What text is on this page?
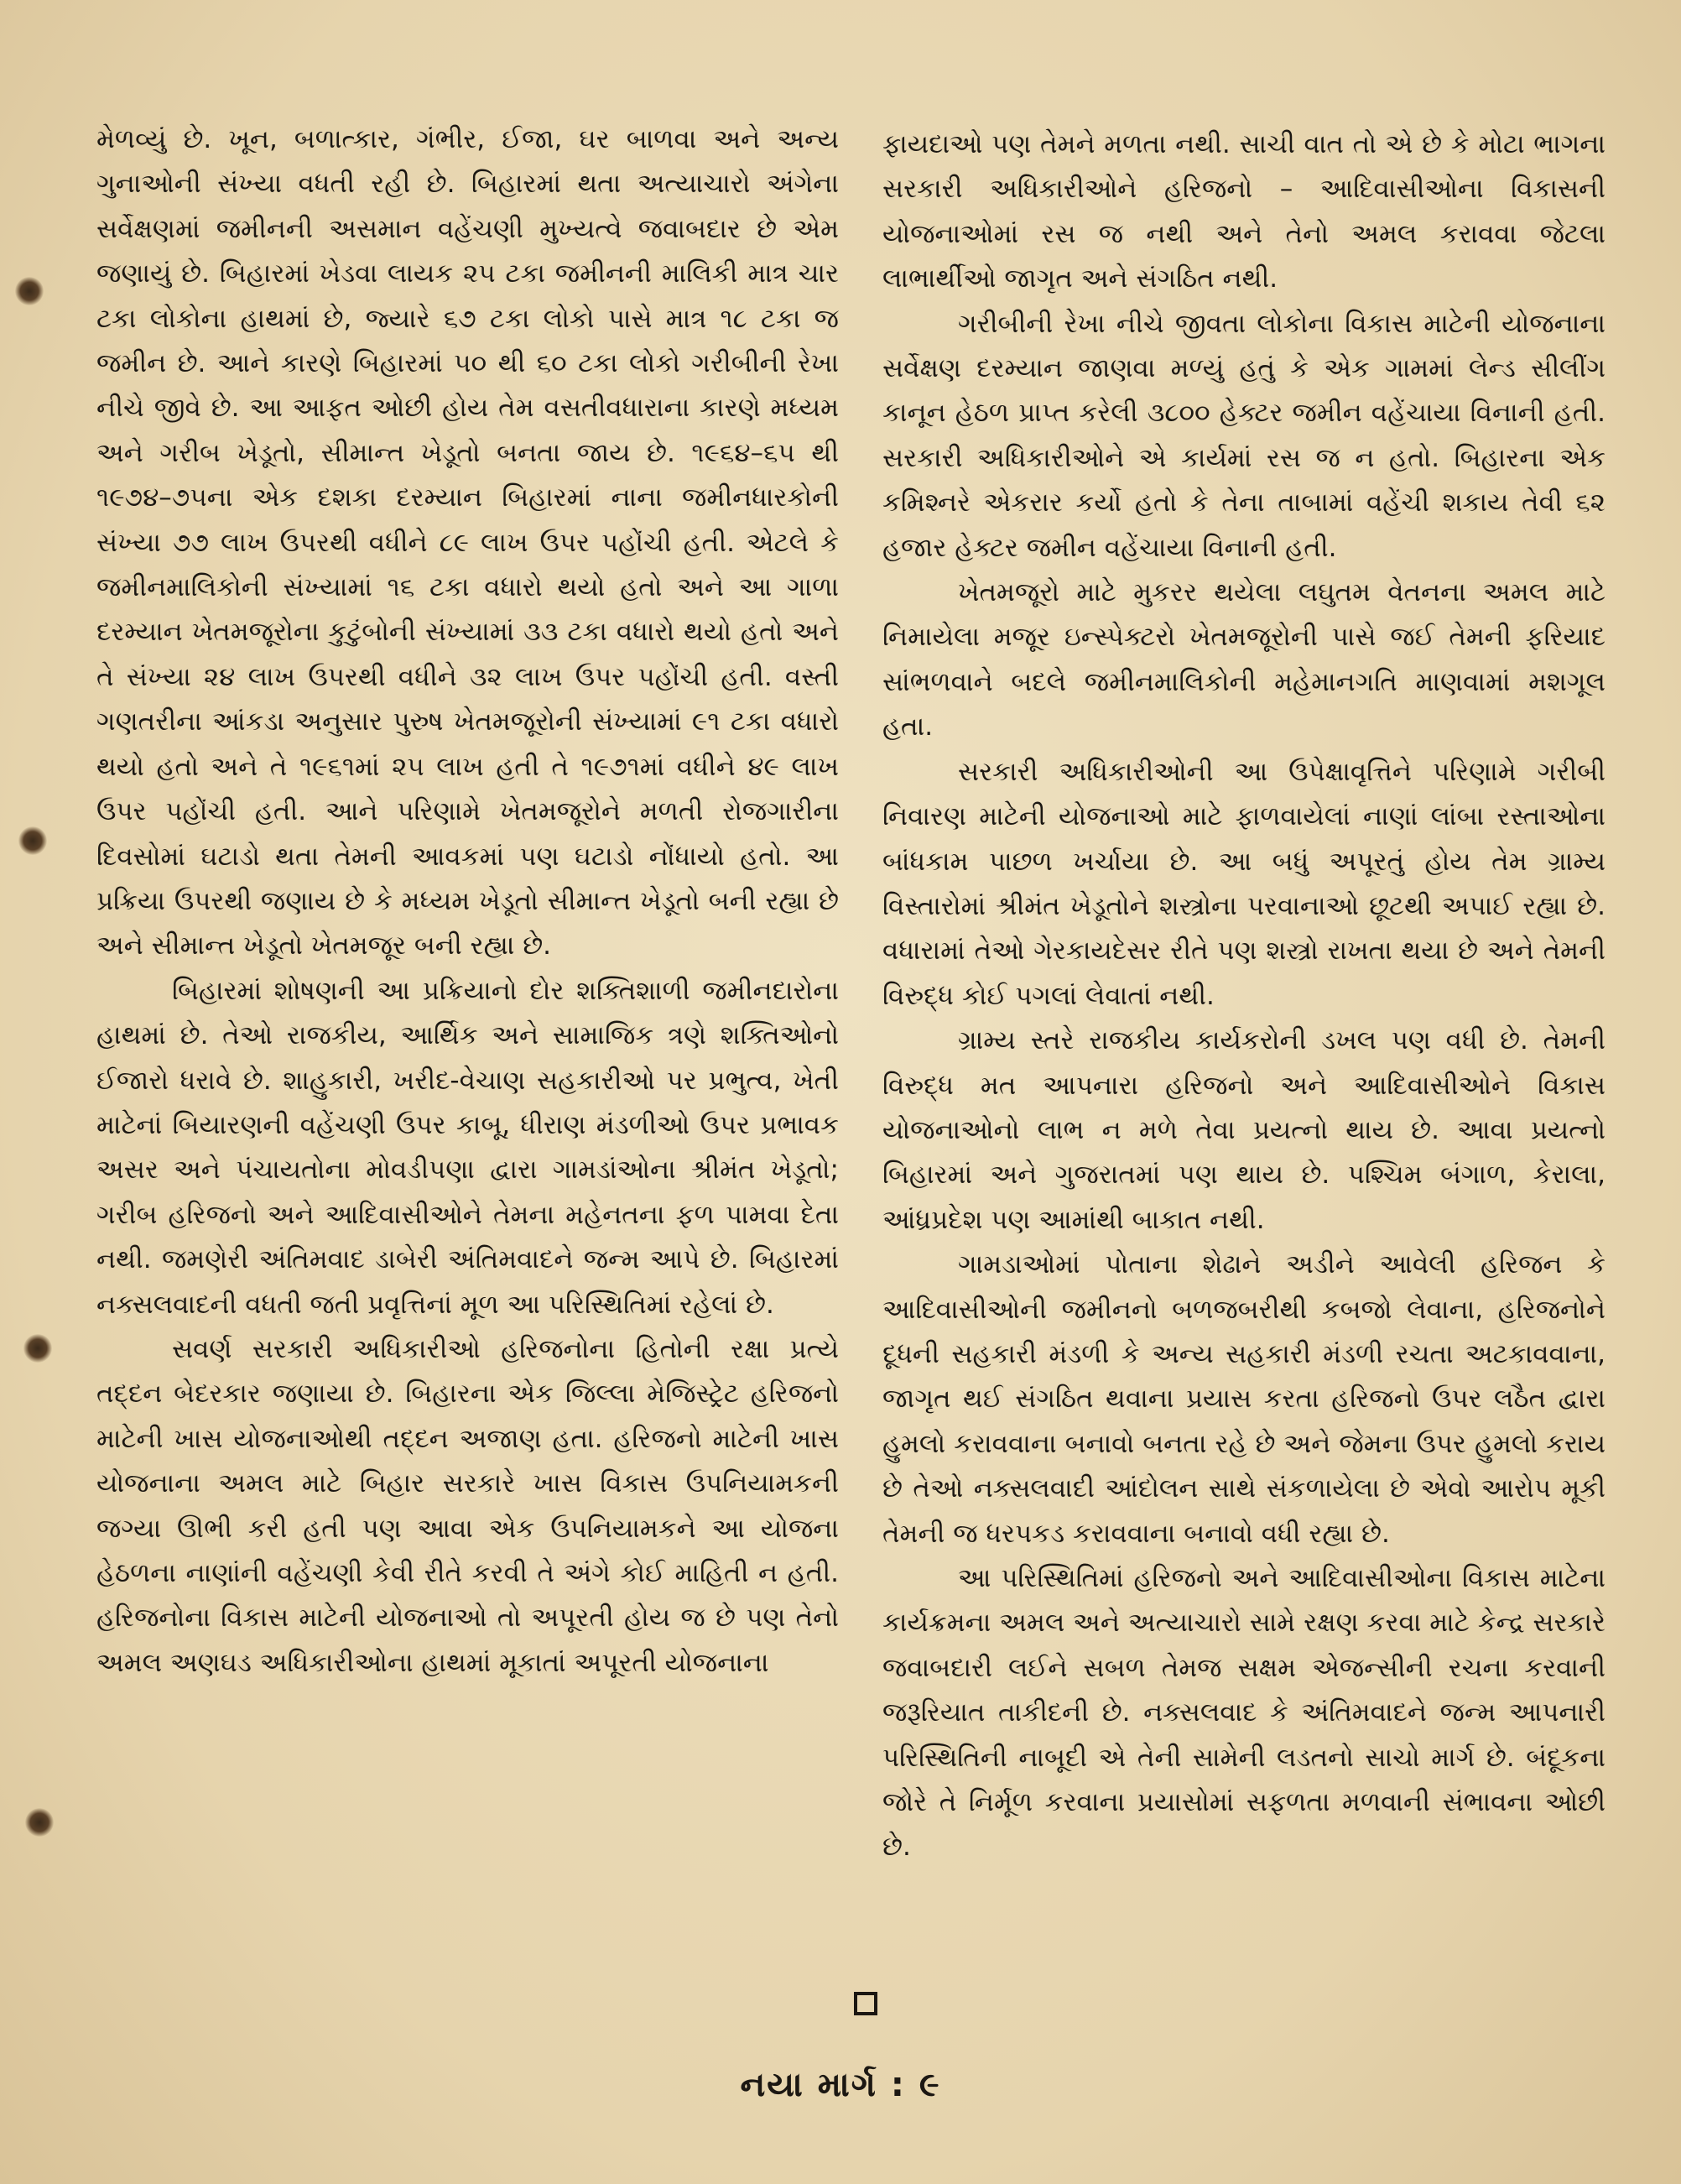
મેળવ્યું છે. ખૂન, બળાત્કાર, ગંભીર, ઈજા, ઘર બાળવા અને અન્ય ગુનાઓની સંખ્યા વધતી રહી છે. બિહારમાં થતા અત્યાચારો અંગેના સર્વેક્ષણમાં જમીનની અસમાન વહેંચણી મુખ્યત્વે જવાબદાર છે એમ જણાયું છે. બિહારમાં ખેડવા લાયક ૨૫ ટકા જમીનની માલિકી માત્ર ચાર ટકા લોકોના હાથમાં છે, જ્યારે ૬૭ ટકા લોકો પાસે માત્ર ૧૮ ટકા જ જમીન છે. આને કારણે બિહારમાં ૫૦ થી ૬૦ ટકા લોકો ગરીબીની રેખા નીચે જીવે છે. આ આફત ઓછી હોય તેમ વસતીવધારાના કારણે મધ્યમ અને ગરીબ ખેડૂતો, સીમાન્ત ખેડૂતો બનતા જાય છે. ૧૯૬૪–૬૫ થી ૧૯૭૪–૭૫ના એક દશકા દરમ્યાન બિહારમાં નાના જમીનધારકોની સંખ્યા ૭૭ લાખ ઉપરથી વધીને ૮૯ લાખ ઉપર પહોંચી હતી. એટલે કે જમીનમાલિકોની સંખ્યામાં ૧૬ ટકા વધારો થયો હતો અને આ ગાળા દરમ્યાન ખેતમજૂરોના કુટુંબોની સંખ્યામાં ૩૩ ટકા વધારો થયો હતો અને તે સંખ્યા ૨૪ લાખ ઉપરથી વધીને ૩૨ લાખ ઉપર પહોંચી હતી. વસ્તી ગણતરીના આંકડા અનુસાર પુરુષ ખેતમજૂરોની સંખ્યામાં ૯૧ ટકા વધારો થયો હતો અને તે ૧૯૬૧માં ૨૫ લાખ હતી તે ૧૯૭૧માં વધીને ૪૯ લાખ ઉપર પહોંચી હતી. આને પરિણામે ખેતમજૂરોને મળતી રોજગારીના દિવસોમાં ઘટાડો થતા તેમની આવકમાં પણ ઘટાડો નોંધાયો હતો. આ પ્રક્રિયા ઉપરથી જણાય છે કે મધ્યમ ખેડૂતો સીમાન્ત ખેડૂતો બની રહ્યા છે અને સીમાન્ત ખેડૂતો ખેતમજૂર બની રહ્યા છે.

બિહારમાં શોષણની આ પ્રક્રિયાનો દોર શક્તિશાળી જમીનદારોના હાથમાં છે. તેઓ રાજકીય, આર્થિક અને સામાજિક ત્રણે શક્તિઓનો ઈજારો ધરાવે છે. શાહુકારી, ખરીદ-વેચાણ સહકારીઓ પર પ્રભુત્વ, ખેતી માટેનાં બિયારણની વહેંચણી ઉપર કાબૂ, ધીરાણ મંડળીઓ ઉપર પ્રભાવક અસર અને પંચાયતોના મોવડીપણા દ્વારા ગામડાંઓના શ્રીમંત ખેડૂતો; ગરીબ હરિજનો અને આદિવાસીઓને તેમના મહેનતના ફળ પામવા દેતા નથી. જમણેરી અંતિમવાદ ડાબેરી અંતિમવાદને જન્મ આપે છે. બિહારમાં નક્સલવાદની વધતી જતી પ્રવૃત્તિનાં મૂળ આ પરિસ્થિતિમાં રહેલાં છે.

સવર્ણ સરકારી અધિકારીઓ હરિજનોના હિતોની રક્ષા પ્રત્યે તદ્દન બેદરકાર જણાયા છે. બિહારના એક જિલ્લા મેજિસ્ટ્રેટ હરિજનો માટેની ખાસ યોજનાઓથી તદ્દન અજાણ હતા. હરિજનો માટેની ખાસ યોજનાના અમલ માટે બિહાર સરકારે ખાસ વિકાસ ઉપનિયામકની જગ્યા ઊભી કરી હતી પણ આવા એક ઉપનિયામકને આ યોજના હેઠળના નાણાંની વહેંચણી કેવી રીતે કરવી તે અંગે કોઈ માહિતી ન હતી. હરિજનોના વિકાસ માટેની યોજનાઓ તો અપૂરતી હોય જ છે પણ તેનો અમલ અણઘડ અધિકારીઓના હાથમાં મૂકાતાં અપૂરતી યોજનાના

ફાયદાઓ પણ તેમને મળતા નથી. સાચી વાત તો એ છે કે મોટા ભાગના સરકારી અધિકારીઓને હરિજનો – આદિવાસીઓના વિકાસની યોજનાઓમાં રસ જ નથી અને તેનો અમલ કરાવવા જેટલા લાભાર્થીઓ જાગૃત અને સંગઠિત નથી.

ગરીબીની રેખા નીચે જીવતા લોકોના વિકાસ માટેની યોજનાના સર્વેક્ષણ દરમ્યાન જાણવા મળ્યું હતું કે એક ગામમાં લેન્ડ સીલીંગ કાનૂન હેઠળ પ્રાપ્ત કરેલી ૩૮૦૦ હેક્ટર જમીન વહેંચાયા વિનાની હતી. સરકારી અધિકારીઓને એ કાર્યમાં રસ જ ન હતો. બિહારના એક કમિશ્નરે એકરાર કર્યો હતો કે તેના તાબામાં વહેંચી શકાય તેવી ૬૨ હજાર હેક્ટર જમીન વહેંચાયા વિનાની હતી.

ખેતમજૂરો માટે મુકરર થયેલા લઘુતમ વેતનના અમલ માટે નિમાયેલા મજૂર ઇન્સ્પેક્ટરો ખેતમજૂરોની પાસે જઈ તેમની ફરિયાદ સાંભળવાને બદલે જમીનમાલિકોની મહેમાનગતિ માણવામાં મશગૂલ હતા.

સરકારી અધિકારીઓની આ ઉપેક્ષાવૃત્તિને પરિણામે ગરીબી નિવારણ માટેની યોજનાઓ માટે ફાળવાયેલાં નાણાં લાંબા રસ્તાઓના બાંધકામ પાછળ ખર્ચાયા છે. આ બધું અપૂરતું હોય તેમ ગ્રામ્ય વિસ્તારોમાં શ્રીમંત ખેડૂતોને શસ્ત્રોના પરવાનાઓ છૂટથી અપાઈ રહ્યા છે. વધારામાં તેઓ ગેરકાયદેસર રીતે પણ શસ્ત્રો રાખતા થયા છે અને તેમની વિરુદ્ધ કોઈ પગલાં લેવાતાં નથી.

ગ્રામ્ય સ્તરે રાજકીય કાર્યકરોની ડખલ પણ વધી છે. તેમની વિરુદ્ધ મત આપનારા હરિજનો અને આદિવાસીઓને વિકાસ યોજનાઓનો લાભ ન મળે તેવા પ્રયત્નો થાય છે. આવા પ્રયત્નો બિહારમાં અને ગુજરાતમાં પણ થાય છે. પશ્ચિમ બંગાળ, કેરાલા, આંધ્રપ્રદેશ પણ આમાંથી બાકાત નથી.

ગામડાઓમાં પોતાના શેઢાને અડીને આવેલી હરિજન કે આદિવાસીઓની જમીનનો બળજબરીથી કબજો લેવાના, હરિજનોને દૂધની સહકારી મંડળી કે અન્ય સહકારી મંડળી રચતા અટકાવવાના, જાગૃત થઈ સંગઠિત થવાના પ્રયાસ કરતા હરિજનો ઉપર લઠૈત દ્વારા હુમલો કરાવવાના બનાવો બનતા રહે છે અને જેમના ઉપર હુમલો કરાય છે તેઓ નક્સલવાદી આંદોલન સાથે સંકળાયેલા છે એવો આરોપ મૂકી તેમની જ ધરપકડ કરાવવાના બનાવો વધી રહ્યા છે.

આ પરિસ્થિતિમાં હરિજનો અને આદિવાસીઓના વિકાસ માટેના કાર્યક્રમના અમલ અને અત્યાચારો સામે રક્ષણ કરવા માટે કેન્દ્ર સરકારે જવાબદારી લઈને સબળ તેમજ સક્ષમ એજન્સીની રચના કરવાની જરૂરિયાત તાકીદની છે. નક્સલવાદ કે અંતિમવાદને જન્મ આપનારી પરિસ્થિતિની નાબૂદી એ તેની સામેની લડતનો સાચો માર્ગ છે. બંદૂકના જોરે તે નિર્મૂળ કરવાના પ્રયાસોમાં સફળતા મળવાની સંભાવના ઓછી છે.

નયા માર્ગ : ૯
